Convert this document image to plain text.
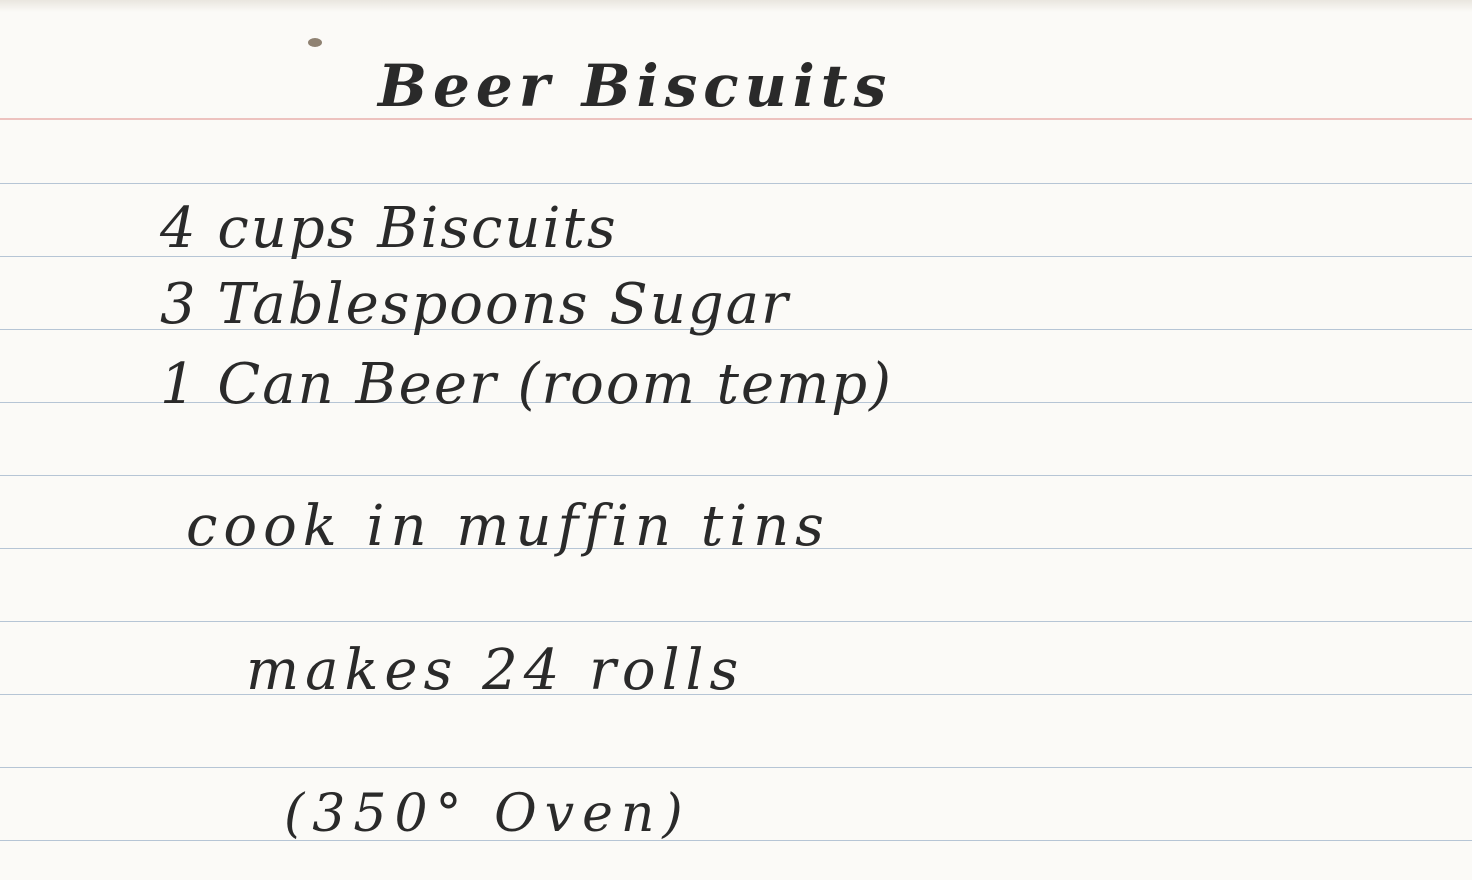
Beer Biscuits
4 cups Biscuits
3 Tablespoons Sugar
1 Can Beer (room temp)
cook in muffin tins
makes 24 rolls
(350° Oven)
